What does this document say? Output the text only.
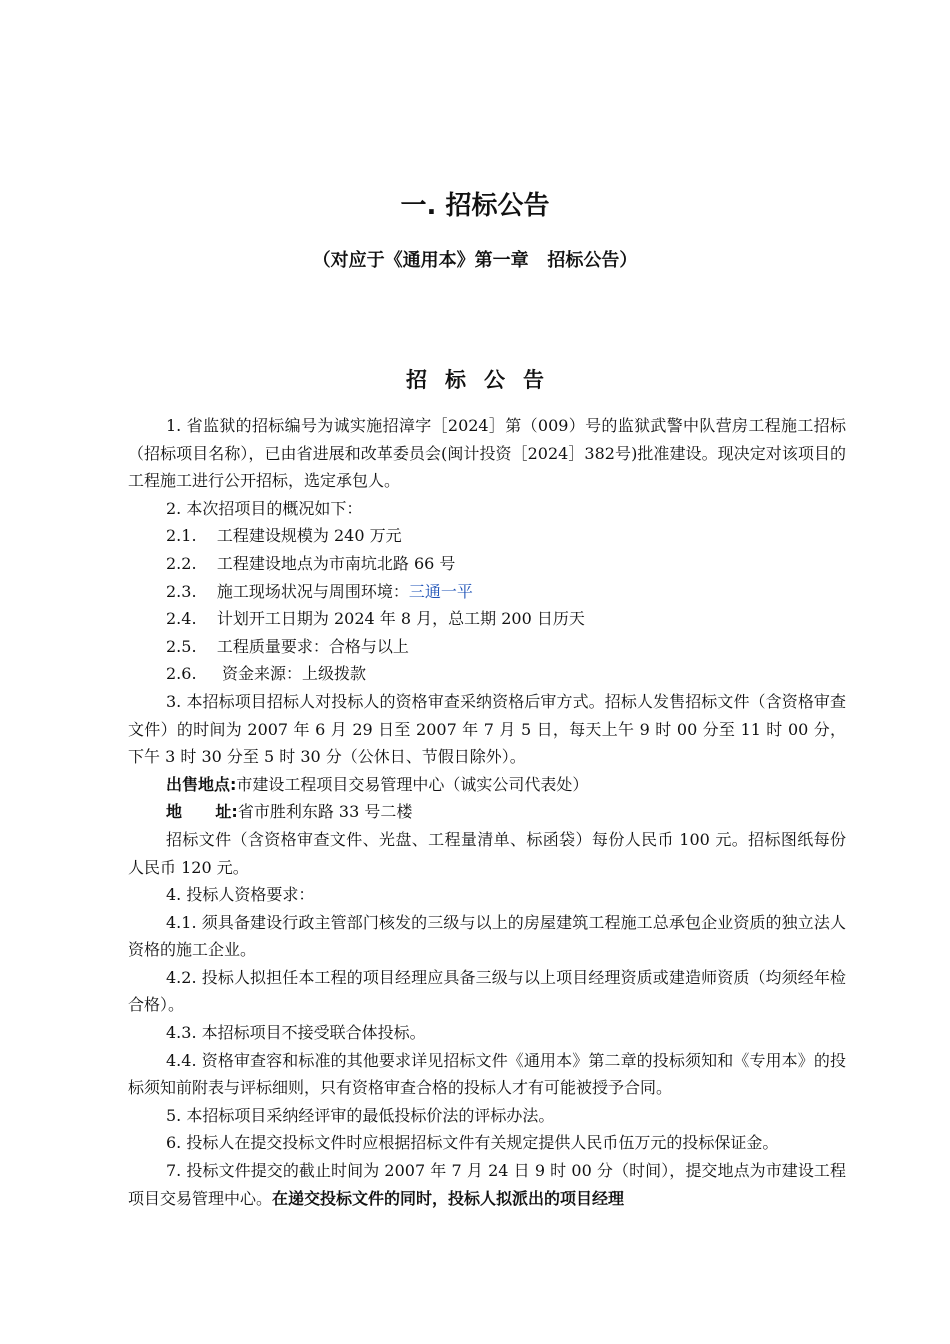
一. 招标公告
（对应于《通用本》第一章   招标公告）
招标公告

1. 省监狱的招标编号为诚实施招漳字［2024］第（009）号的监狱武警中队营房工程施工招标（招标项目名称），已由省进展和改革委员会(闽计投资［2024］382号)批准建设。现决定对该项目的工程施工进行公开招标，选定承包人。

2. 本次招项目的概况如下：

2.1.    工程建设规模为 240 万元

2.2.    工程建设地点为市南坑北路 66 号

2.3.    施工现场状况与周围环境：三通一平

2.4.    计划开工日期为 2024 年 8 月，总工期 200 日历天

2.5.    工程质量要求：合格与以上

2.6.     资金来源：上级拨款

3. 本招标项目招标人对投标人的资格审查采纳资格后审方式。招标人发售招标文件（含资格审查文件）的时间为 2007 年 6 月 29 日至 2007 年 7 月 5 日，每天上午 9 时 00 分至 11 时 00 分，下午 3 时 30 分至 5 时 30 分（公休日、节假日除外）。

出售地点:市建设工程项目交易管理中心（诚实公司代表处）

地      址:省市胜利东路 33 号二楼

招标文件（含资格审查文件、光盘、工程量清单、标函袋）每份人民币 100 元。招标图纸每份人民币 120 元。

4. 投标人资格要求：

4.1. 须具备建设行政主管部门核发的三级与以上的房屋建筑工程施工总承包企业资质的独立法人资格的施工企业。

4.2. 投标人拟担任本工程的项目经理应具备三级与以上项目经理资质或建造师资质（均须经年检合格）。

4.3. 本招标项目不接受联合体投标。

4.4. 资格审查容和标准的其他要求详见招标文件《通用本》第二章的投标须知和《专用本》的投标须知前附表与评标细则，只有资格审查合格的投标人才有可能被授予合同。

5. 本招标项目采纳经评审的最低投标价法的评标办法。

6. 投标人在提交投标文件时应根据招标文件有关规定提供人民币伍万元的投标保证金。

7. 投标文件提交的截止时间为 2007 年 7 月 24 日 9 时 00 分（时间），提交地点为市建设工程项目交易管理中心。在递交投标文件的同时，投标人拟派出的项目经理
